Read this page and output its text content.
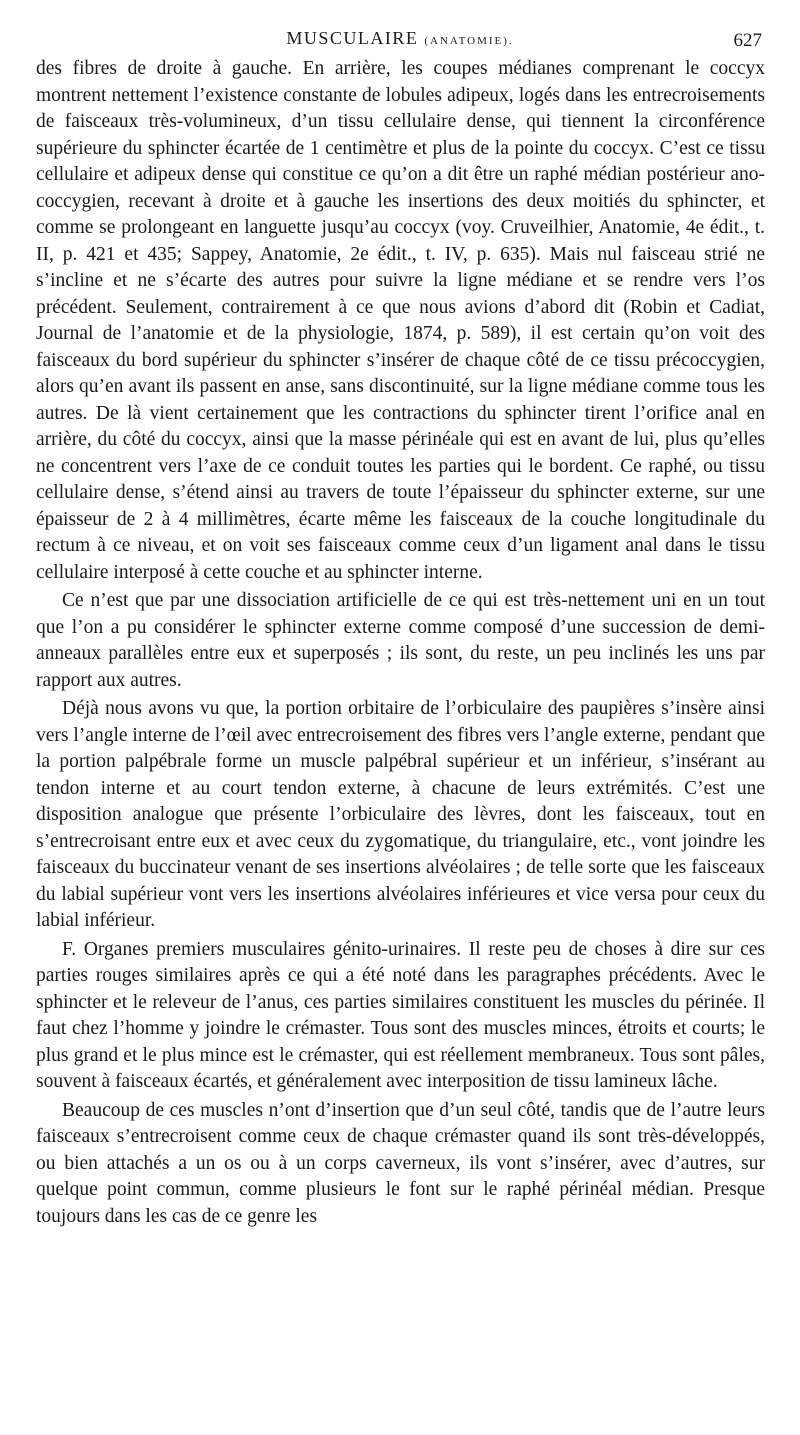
MUSCULAIRE (ANATOMIE).	627

des fibres de droite à gauche. En arrière, les coupes médianes comprenant le coccyx montrent nettement l’existence constante de lobules adipeux, logés dans les entrecroisements de faisceaux très-volumineux, d’un tissu cellulaire dense, qui tiennent la circonférence supérieure du sphincter écartée de 1 centimètre et plus de la pointe du coccyx. C’est ce tissu cellulaire et adipeux dense qui constitue ce qu’on a dit être un raphé médian postérieur ano-coccygien, recevant à droite et à gauche les insertions des deux moitiés du sphincter, et comme se prolongeant en languette jusqu’au coccyx (voy. Cruveilhier, Anatomie, 4e édit., t. II, p. 421 et 435; Sappey, Anatomie, 2e édit., t. IV, p. 635). Mais nul faisceau strié ne s’incline et ne s’écarte des autres pour suivre la ligne médiane et se rendre vers l’os précédent. Seulement, contrairement à ce que nous avions d’abord dit (Robin et Cadiat, Journal de l’anatomie et de la physiologie, 1874, p. 589), il est certain qu’on voit des faisceaux du bord supérieur du sphincter s’insérer de chaque côté de ce tissu précoccygien, alors qu’en avant ils passent en anse, sans discontinuité, sur la ligne médiane comme tous les autres. De là vient certainement que les contractions du sphincter tirent l’orifice anal en arrière, du côté du coccyx, ainsi que la masse périnéale qui est en avant de lui, plus qu’elles ne concentrent vers l’axe de ce conduit toutes les parties qui le bordent. Ce raphé, ou tissu cellulaire dense, s’étend ainsi au travers de toute l’épaisseur du sphincter externe, sur une épaisseur de 2 à 4 millimètres, écarte même les faisceaux de la couche longitudinale du rectum à ce niveau, et on voit ses faisceaux comme ceux d’un ligament anal dans le tissu cellulaire interposé à cette couche et au sphincter interne.

Ce n’est que par une dissociation artificielle de ce qui est très-nettement uni en un tout que l’on a pu considérer le sphincter externe comme composé d’une succession de demi-anneaux parallèles entre eux et superposés ; ils sont, du reste, un peu inclinés les uns par rapport aux autres.

Déjà nous avons vu que, la portion orbitaire de l’orbiculaire des paupières s’insère ainsi vers l’angle interne de l’œil avec entrecroisement des fibres vers l’angle externe, pendant que la portion palpébrale forme un muscle palpébral supérieur et un inférieur, s’insérant au tendon interne et au court tendon externe, à chacune de leurs extrémités. C’est une disposition analogue que présente l’orbiculaire des lèvres, dont les faisceaux, tout en s’entrecroisant entre eux et avec ceux du zygomatique, du triangulaire, etc., vont joindre les faisceaux du buccinateur venant de ses insertions alvéolaires ; de telle sorte que les faisceaux du labial supérieur vont vers les insertions alvéolaires inférieures et vice versa pour ceux du labial inférieur.

F. Organes premiers musculaires génito-urinaires. Il reste peu de choses à dire sur ces parties rouges similaires après ce qui a été noté dans les paragraphes précédents. Avec le sphincter et le releveur de l’anus, ces parties similaires constituent les muscles du périnée. Il faut chez l’homme y joindre le crémaster. Tous sont des muscles minces, étroits et courts; le plus grand et le plus mince est le crémaster, qui est réellement membraneux. Tous sont pâles, souvent à faisceaux écartés, et généralement avec interposition de tissu lamineux lâche.

Beaucoup de ces muscles n’ont d’insertion que d’un seul côté, tandis que de l’autre leurs faisceaux s’entrecroisent comme ceux de chaque crémaster quand ils sont très-développés, ou bien attachés a un os ou à un corps caverneux, ils vont s’insérer, avec d’autres, sur quelque point commun, comme plusieurs le font sur le raphé périnéal médian. Presque toujours dans les cas de ce genre les
